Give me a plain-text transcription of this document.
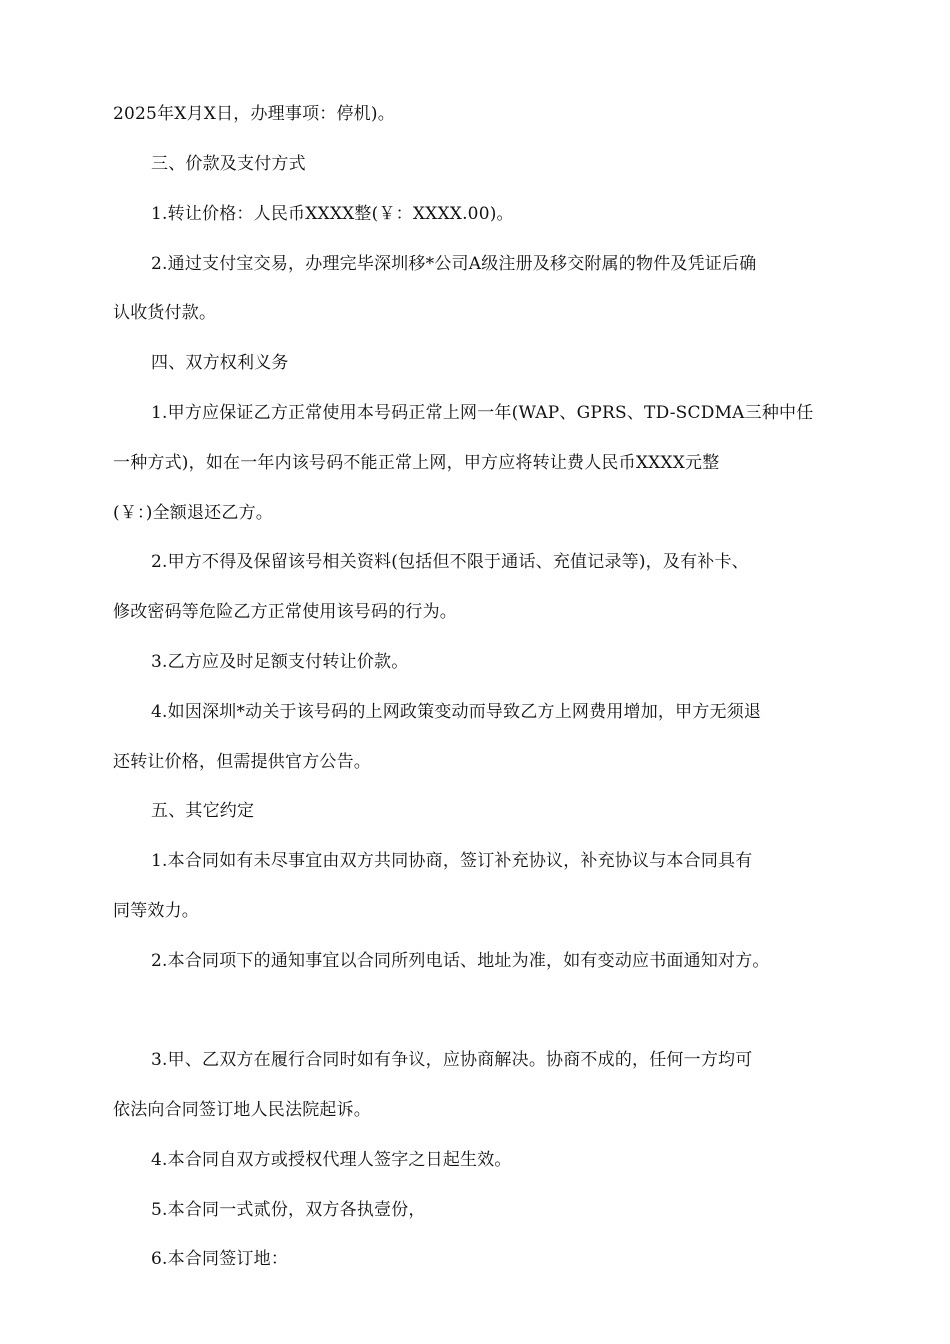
2025年X月X日，办理事项：停机)。
三、价款及支付方式
1.转让价格：人民币XXXX整(￥：XXXX.00)。
2.通过支付宝交易，办理完毕深圳移*公司A级注册及移交附属的物件及凭证后确
认收货付款。
四、双方权利义务
1.甲方应保证乙方正常使用本号码正常上网一年(WAP、GPRS、TD-SCDMA三种中任
一种方式)，如在一年内该号码不能正常上网，甲方应将转让费人民币XXXX元整
(￥：)全额退还乙方。
2.甲方不得及保留该号相关资料(包括但不限于通话、充值记录等)，及有补卡、
修改密码等危险乙方正常使用该号码的行为。
3.乙方应及时足额支付转让价款。
4.如因深圳*动关于该号码的上网政策变动而导致乙方上网费用增加，甲方无须退
还转让价格，但需提供官方公告。
五、其它约定
1.本合同如有未尽事宜由双方共同协商，签订补充协议，补充协议与本合同具有
同等效力。
2.本合同项下的通知事宜以合同所列电话、地址为准，如有变动应书面通知对方。
3.甲、乙双方在履行合同时如有争议，应协商解决。协商不成的，任何一方均可
依法向合同签订地人民法院起诉。
4.本合同自双方或授权代理人签字之日起生效。
5.本合同一式贰份，双方各执壹份，
6.本合同签订地：
